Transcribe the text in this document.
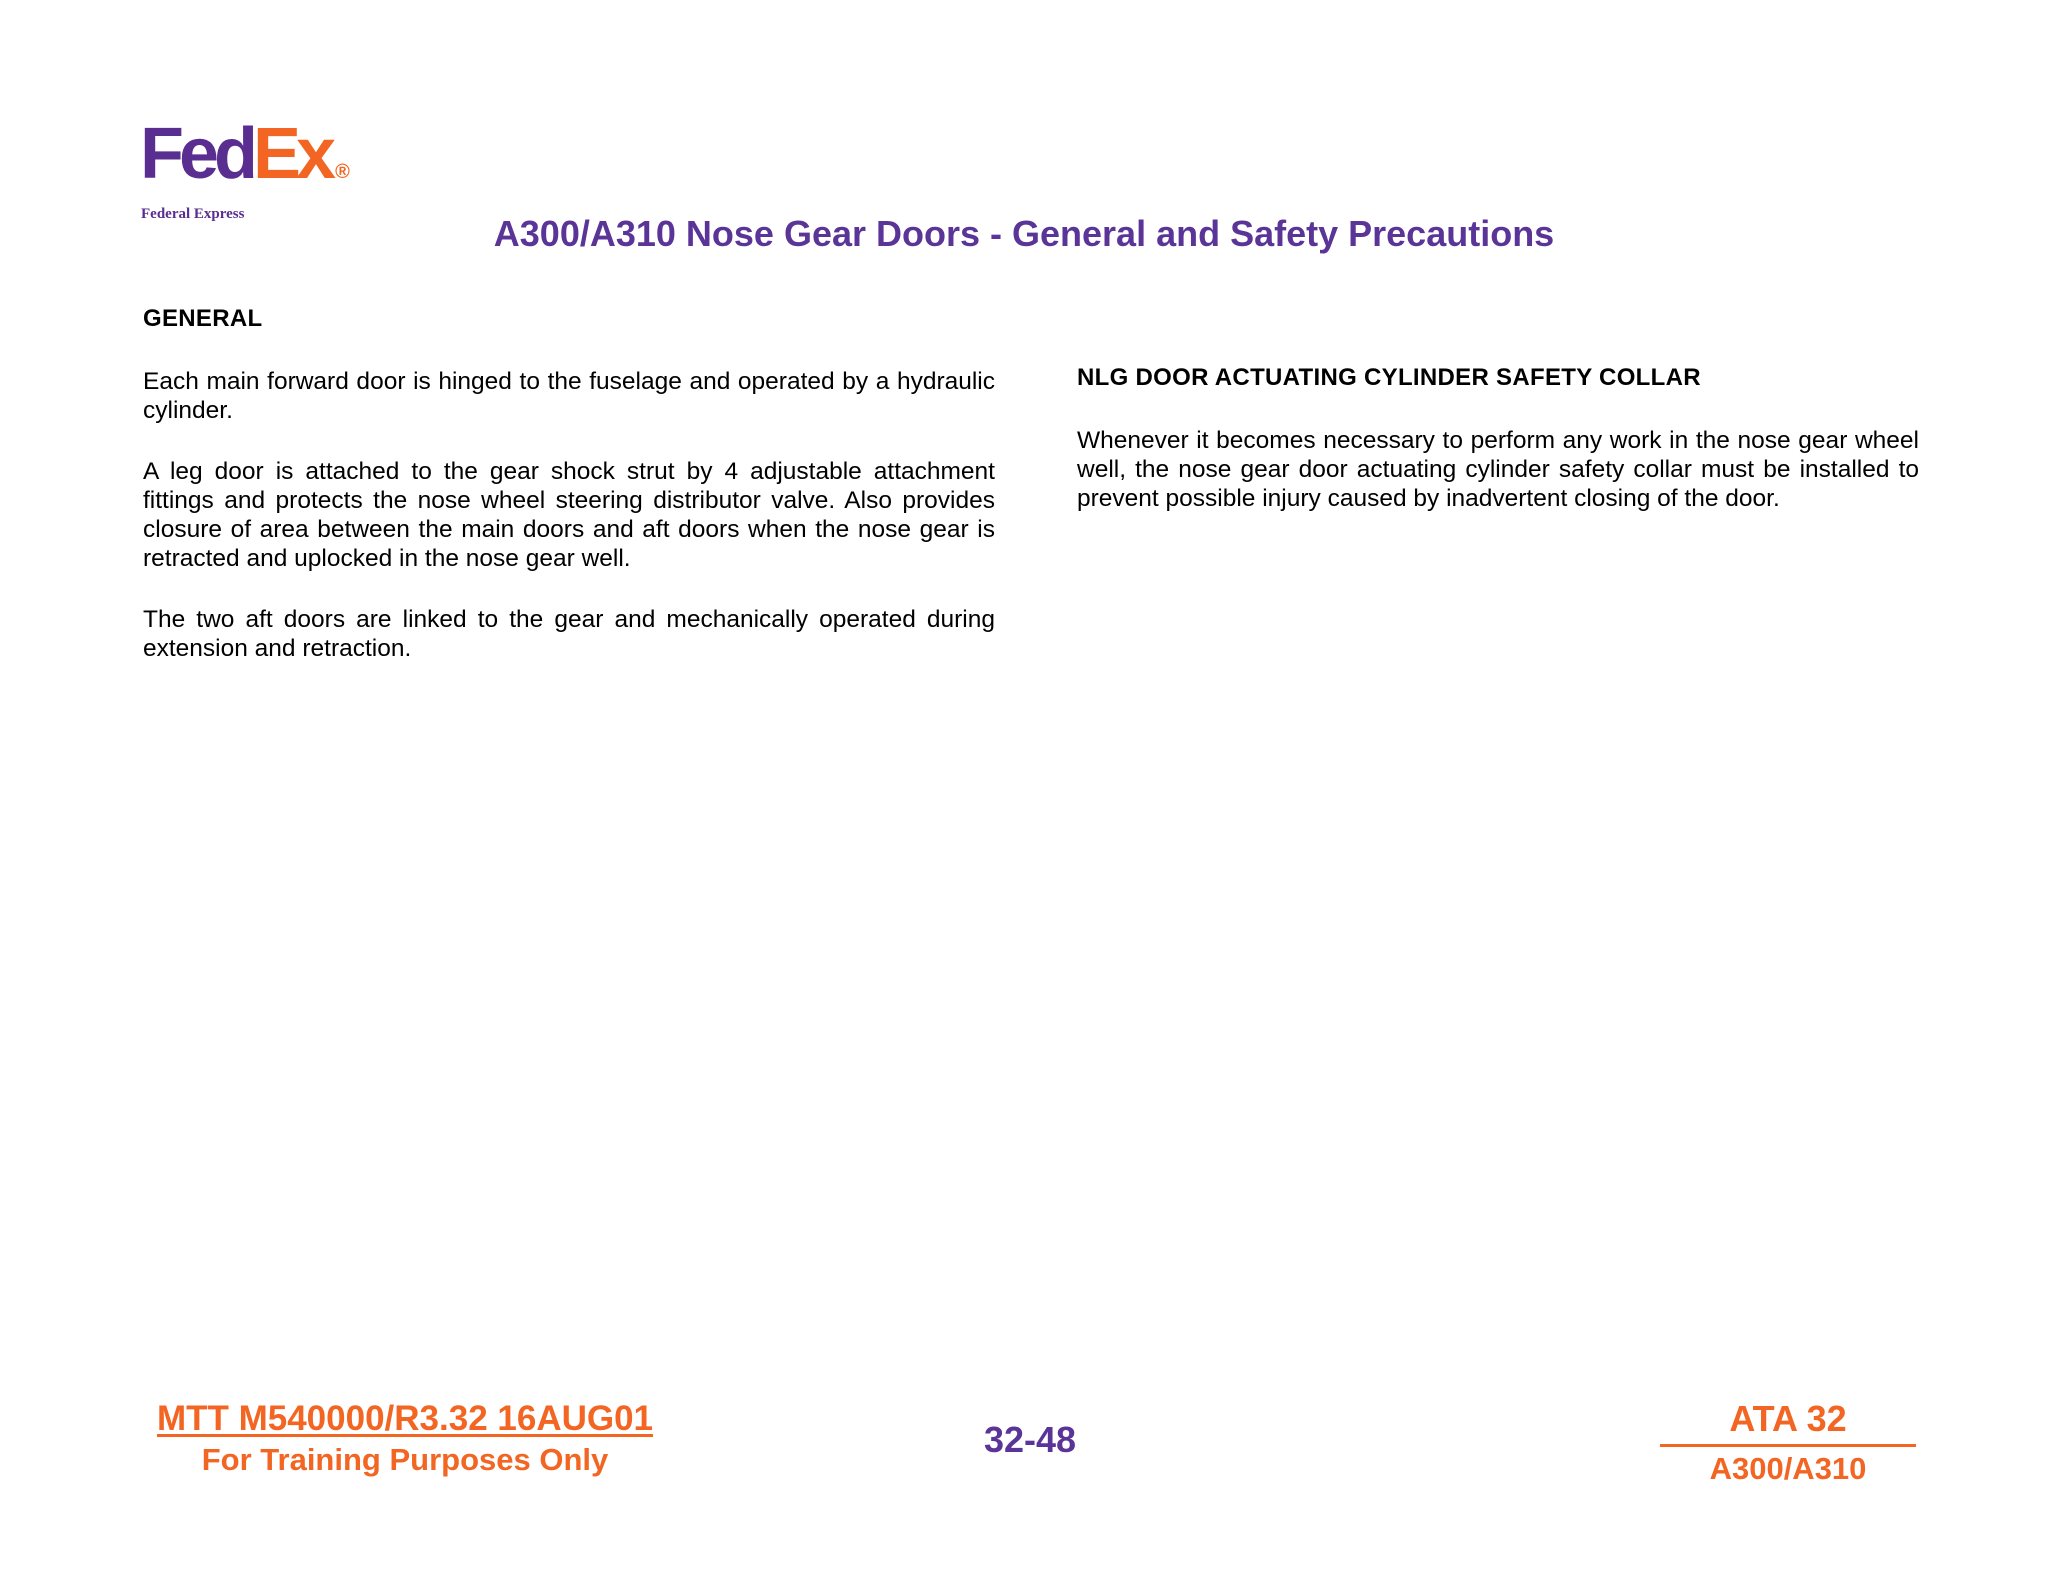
FedEx ®
Federal Express	A300/A310 Nose Gear Doors - General and Safety Precautions
GENERAL

Each main forward door is hinged to the fuselage and operated by a hydraulic cylinder.

A leg door is attached to the gear shock strut by 4 adjustable attachment fittings and protects the nose wheel steering distributor valve. Also provides closure of area between the main doors and aft doors when the nose gear is retracted and uplocked in the nose gear well.

The two aft doors are linked to the gear and mechanically operated during extension and retraction.

NLG DOOR ACTUATING CYLINDER SAFETY COLLAR

Whenever it becomes necessary to perform any work in the nose gear wheel well, the nose gear door actuating cylinder safety collar must be installed to prevent possible injury caused by inadvertent closing of the door.

MTT M540000/R3.32 16AUG01
For Training Purposes Only	32-48
ATA 32
A300/A310
